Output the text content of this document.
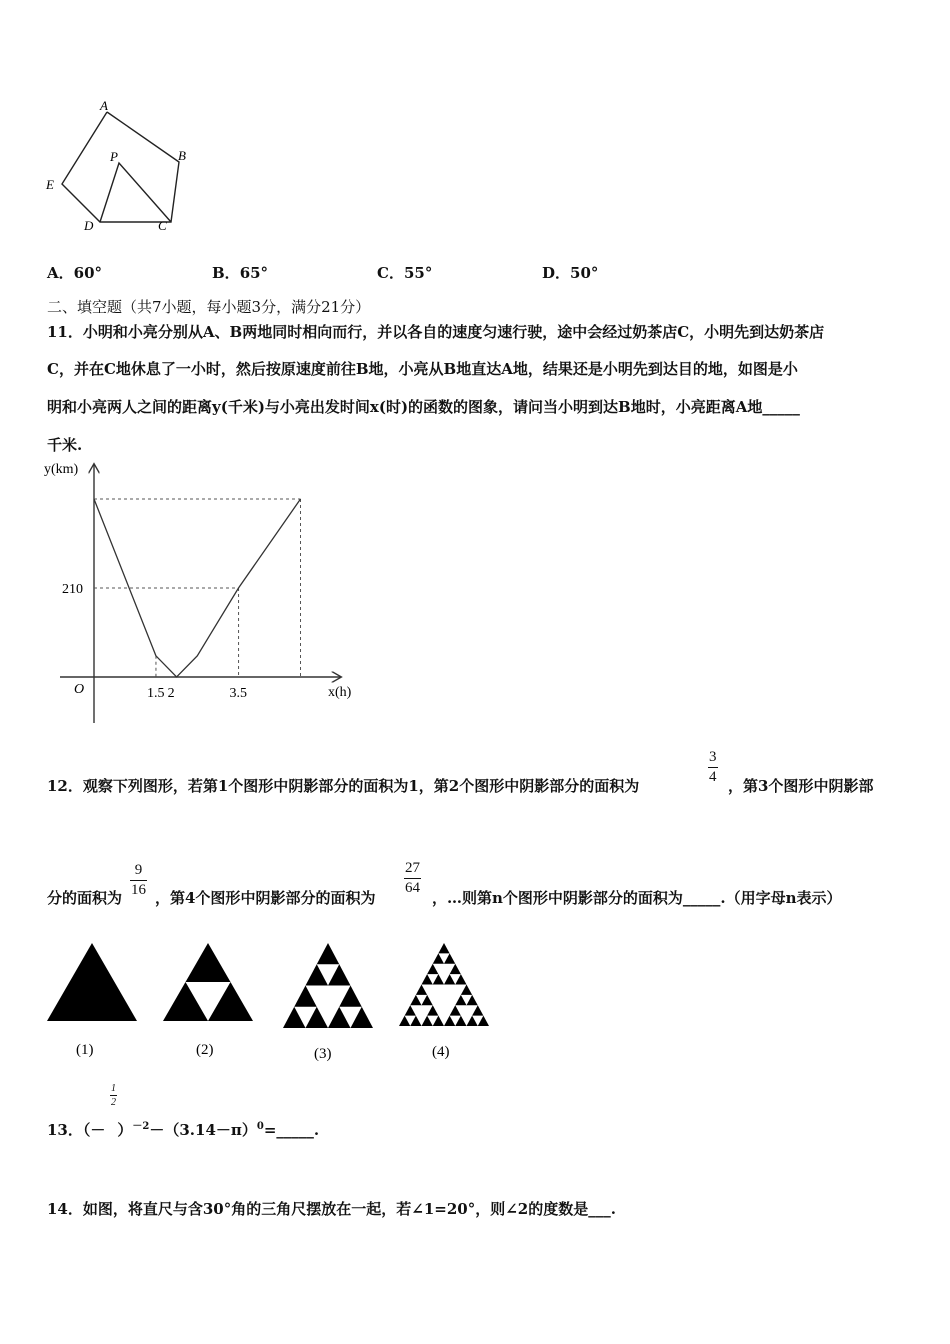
A
B
P
E
D	C
A．60°	B．65°	C．55°	D．50°
二、填空题（共7小题，每小题3分，满分21分）
11．小明和小亮分别从A、B两地同时相向而行，并以各自的速度匀速行驶，途中会经过奶茶店C，小明先到达奶茶店
C，并在C地休息了一小时，然后按原速度前往B地，小亮从B地直达A地，结果还是小明先到达目的地，如图是小
明和小亮两人之间的距离y(千米)与小亮出发时间x(时)的函数的图象，请问当小明到达B地时，小亮距离A地_____
千米.
y(km)
x(h)
O	1.5 2	3.5
210
12．观察下列图形，若第1个图形中阴影部分的面积为1，第2个图形中阴影部分的面积为
3
4 ，第3个图形中阴影部
分的面积为
9
16 ，第4个图形中阴影部分的面积为
27
64
，…则第n个图形中阴影部分的面积为_____.（用字母n表示）
(1)	(2)	(3)	(4)
1
2
13．（－ ）$^{-2}-(3.14-\pi)^0=\_\_\_\_\_$.
14．如图，将直尺与含30°角的三角尺摆放在一起，若∠1=20°，则∠2的度数是___.
